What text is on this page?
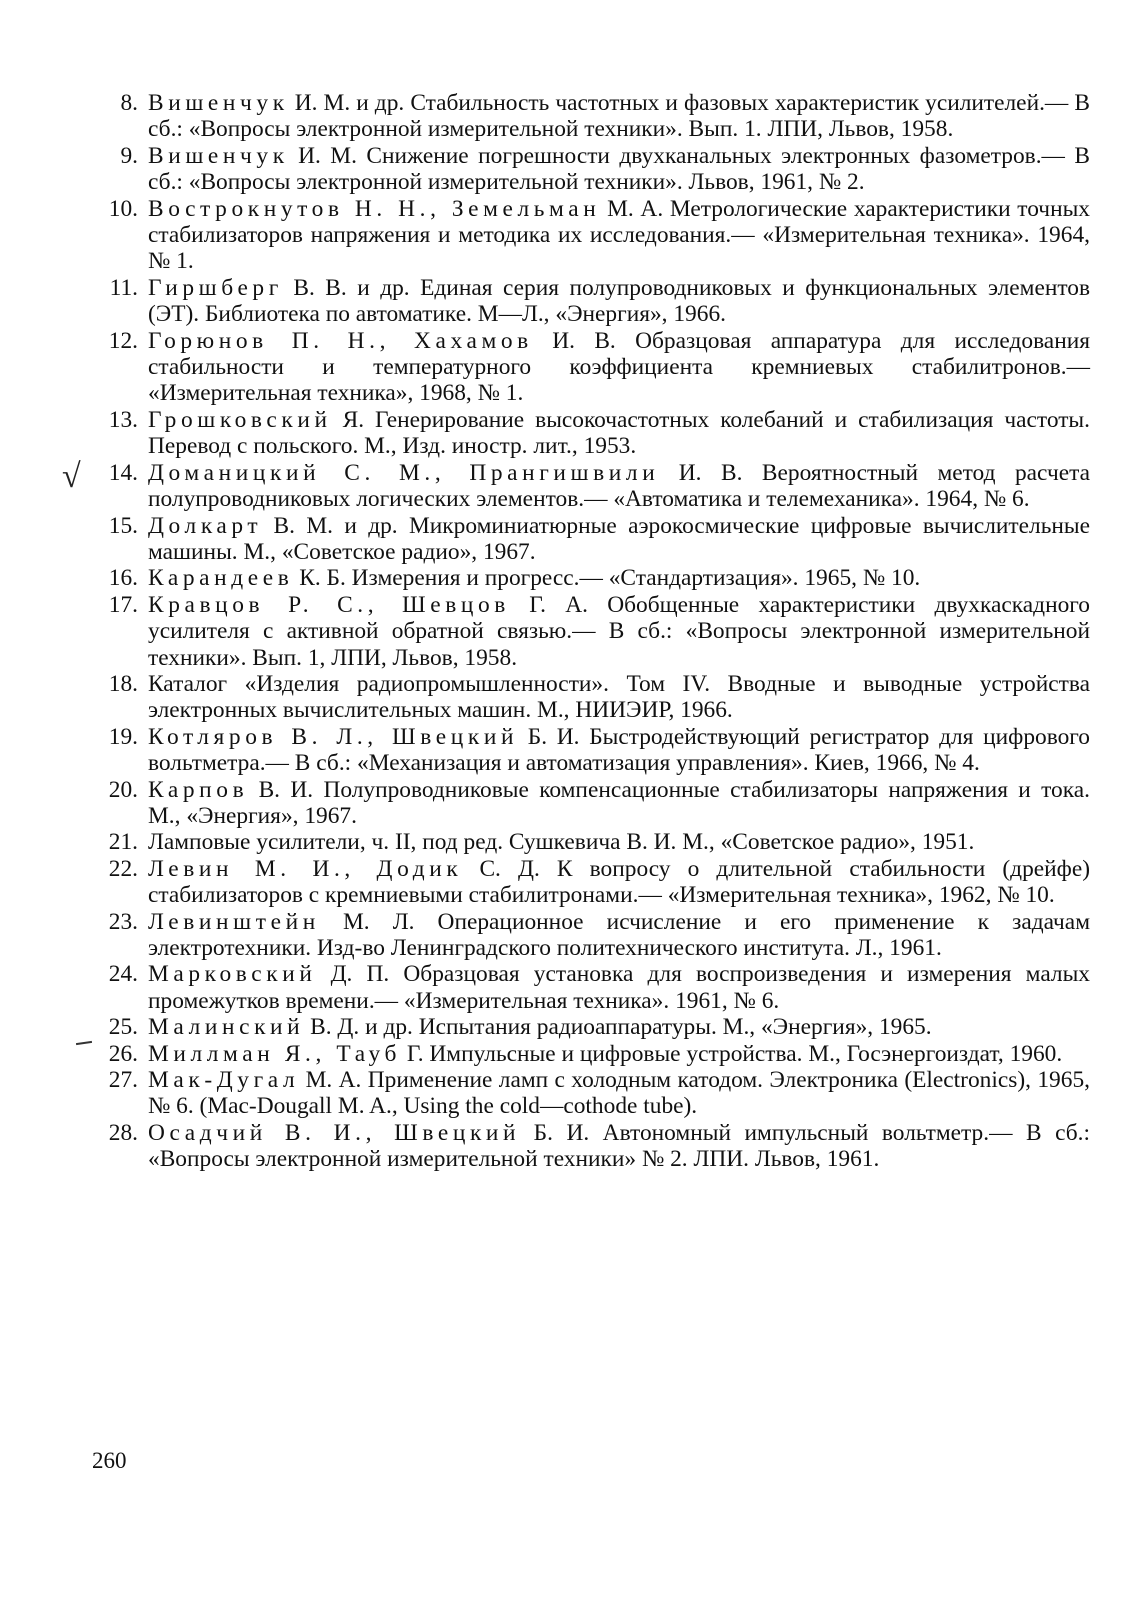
√
8. Вишенчук И. М. и др. Стабильность частотных и фазовых характеристик усилителей.— В сб.: «Вопросы электронной измерительной техники». Вып. 1. ЛПИ, Львов, 1958.
9. Вишенчук И. М. Снижение погрешности двухканальных электронных фазометров.— В сб.: «Вопросы электронной измерительной техники». Львов, 1961, № 2.
10. Вострокнутов Н. Н., Земельман М. А. Метрологические характеристики точных стабилизаторов напряжения и методика их исследования.— «Измерительная техника». 1964, № 1.
11. Гиршберг В. В. и др. Единая серия полупроводниковых и функциональных элементов (ЭТ). Библиотека по автоматике. М—Л., «Энергия», 1966.
12. Горюнов П. Н., Хахамов И. В. Образцовая аппаратура для исследования стабильности и температурного коэффициента кремниевых стабилитронов.— «Измерительная техника», 1968, № 1.
13. Грошковский Я. Генерирование высокочастотных колебаний и стабилизация частоты. Перевод с польского. М., Изд. иностр. лит., 1953.
14. Доманицкий С. М., Прангишвили И. В. Вероятностный метод расчета полупроводниковых логических элементов.— «Автоматика и телемеханика». 1964, № 6.
15. Долкарт В. М. и др. Микроминиатюрные аэрокосмические цифровые вычислительные машины. М., «Советское радио», 1967.
16. Карандеев К. Б. Измерения и прогресс.— «Стандартизация». 1965, № 10.
17. Кравцов Р. С., Шевцов Г. А. Обобщенные характеристики двухкаскадного усилителя с активной обратной связью.— В сб.: «Вопросы электронной измерительной техники». Вып. 1, ЛПИ, Львов, 1958.
18. Каталог «Изделия радиопромышленности». Том IV. Вводные и выводные устройства электронных вычислительных машин. М., НИИЭИР, 1966.
19. Котляров В. Л., Швецкий Б. И. Быстродействующий регистратор для цифрового вольтметра.— В сб.: «Механизация и автоматизация управления». Киев, 1966, № 4.
20. Карпов В. И. Полупроводниковые компенсационные стабилизаторы напряжения и тока. М., «Энергия», 1967.
21. Ламповые усилители, ч. II, под ред. Сушкевича В. И. М., «Советское радио», 1951.
22. Левин М. И., Додик С. Д. К вопросу о длительной стабильности (дрейфе) стабилизаторов с кремниевыми стабилитронами.— «Измерительная техника», 1962, № 10.
23. Левинштейн М. Л. Операционное исчисление и его применение к задачам электротехники. Изд-во Ленинградского политехнического института. Л., 1961.
24. Марковский Д. П. Образцовая установка для воспроизведения и измерения малых промежутков времени.— «Измерительная техника». 1961, № 6.
25. Малинский В. Д. и др. Испытания радиоаппаратуры. М., «Энергия», 1965.
26. Миллман Я., Тауб Г. Импульсные и цифровые устройства. М., Госэнергоиздат, 1960.
27. Мак-Дугал М. А. Применение ламп с холодным катодом. Электроника (Electronics), 1965, № 6. (Mac-Dougall M. A., Using the cold—cothode tube).
28. Осадчий В. И., Швецкий Б. И. Автономный импульсный вольтметр.— В сб.: «Вопросы электронной измерительной техники» № 2. ЛПИ. Львов, 1961.
260
